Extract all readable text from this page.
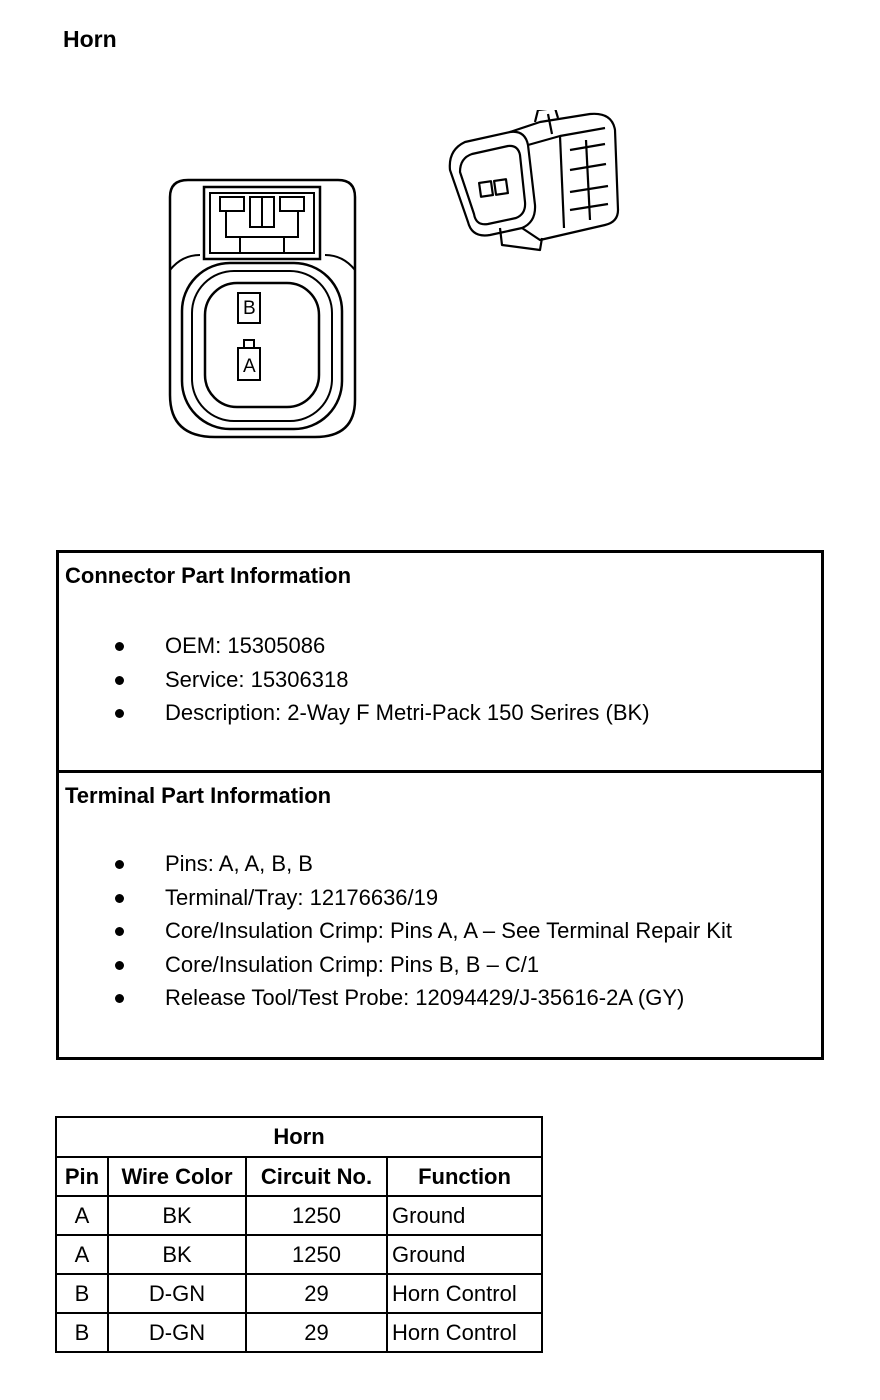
Horn
B
A
Connector Part Information
OEM: 15305086
Service: 15306318
Description: 2-Way F Metri-Pack 150 Serires (BK)
Terminal Part Information
Pins: A, A, B, B
Terminal/Tray: 12176636/19
Core/Insulation Crimp: Pins A, A – See Terminal Repair Kit
Core/Insulation Crimp: Pins B, B – C/1
Release Tool/Test Probe: 12094429/J-35616-2A (GY)
Horn			
Pin	Wire Color	Circuit No.	Function
A	BK	1250	Ground
A	BK	1250	Ground
B	D-GN	29	Horn Control
B	D-GN	29	Horn Control
